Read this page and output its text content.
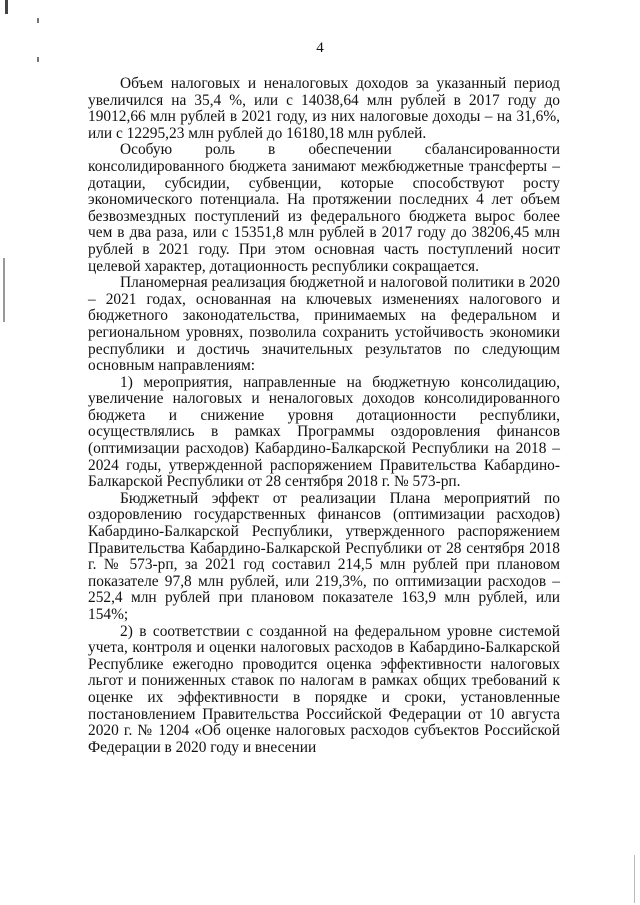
4

Объем налоговых и неналоговых доходов за указанный период увеличился на 35,4 %, или с 14038,64 млн рублей в 2017 году до 19012,66 млн рублей в 2021 году, из них налоговые доходы – на 31,6%, или с 12295,23 млн рублей до 16180,18 млн рублей.

Особую роль в обеспечении сбалансированности консолидированного бюджета занимают межбюджетные трансферты – дотации, субсидии, субвенции, которые способствуют росту экономического потенциала. На протяжении последних 4 лет объем безвозмездных поступлений из федерального бюджета вырос более чем в два раза, или с 15351,8 млн рублей в 2017 году до 38206,45 млн рублей в 2021 году. При этом основная часть поступлений носит целевой характер, дотационность республики сокращается.

Планомерная реализация бюджетной и налоговой политики в 2020 – 2021 годах, основанная на ключевых изменениях налогового и бюджетного законодательства, принимаемых на федеральном и региональном уровнях, позволила сохранить устойчивость экономики республики и достичь значительных результатов по следующим основным направлениям:

1) мероприятия, направленные на бюджетную консолидацию, увеличение налоговых и неналоговых доходов консолидированного бюджета и снижение уровня дотационности республики, осуществлялись в рамках Программы оздоровления финансов (оптимизации расходов) Кабардино-Балкарской Республики на 2018 – 2024 годы, утвержденной распоряжением Правительства Кабардино-Балкарской Республики от 28 сентября 2018 г. № 573-рп.

Бюджетный эффект от реализации Плана мероприятий по оздоровлению государственных финансов (оптимизации расходов) Кабардино-Балкарской Республики, утвержденного распоряжением Правительства Кабардино-Балкарской Республики от 28 сентября 2018 г. № 573-рп, за 2021 год составил 214,5 млн рублей при плановом показателе 97,8 млн рублей, или 219,3%, по оптимизации расходов – 252,4 млн рублей при плановом показателе 163,9 млн рублей, или 154%;

2) в соответствии с созданной на федеральном уровне системой учета, контроля и оценки налоговых расходов в Кабардино-Балкарской Республике ежегодно проводится оценка эффективности налоговых льгот и пониженных ставок по налогам в рамках общих требований к оценке их эффективности в порядке и сроки, установленные постановлением Правительства Российской Федерации от 10 августа 2020 г. № 1204 «Об оценке налоговых расходов субъектов Российской Федерации в 2020 году и внесении
